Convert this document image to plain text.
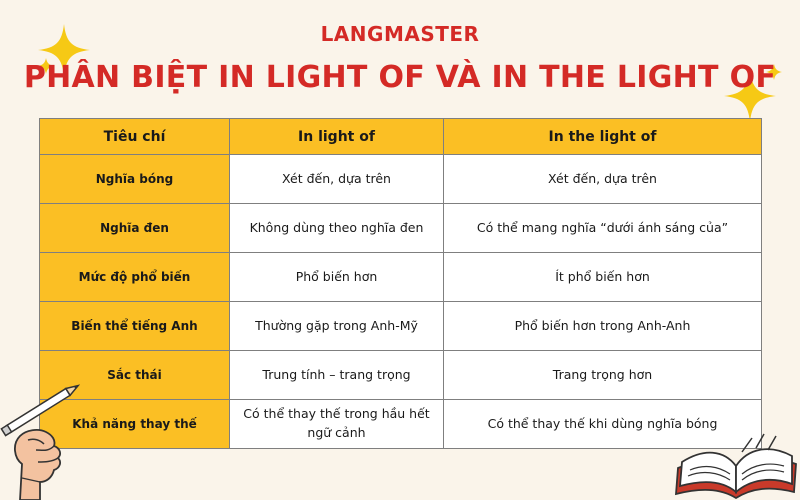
LANGMASTER
PHÂN BIỆT IN LIGHT OF VÀ IN THE LIGHT OF
Tiêu chí	In light of	In the light of
Nghĩa bóng	Xét đến, dựa trên	Xét đến, dựa trên
Nghĩa đen	Không dùng theo nghĩa đen	Có thể mang nghĩa “dưới ánh sáng của”
Mức độ phổ biến	Phổ biến hơn	Ít phổ biến hơn
Biến thể tiếng Anh	Thường gặp trong Anh-Mỹ	Phổ biến hơn trong Anh-Anh
Sắc thái	Trung tính – trang trọng	Trang trọng hơn
Khả năng thay thế	Có thể thay thế trong hầu hết ngữ cảnh	Có thể thay thế khi dùng nghĩa bóng
